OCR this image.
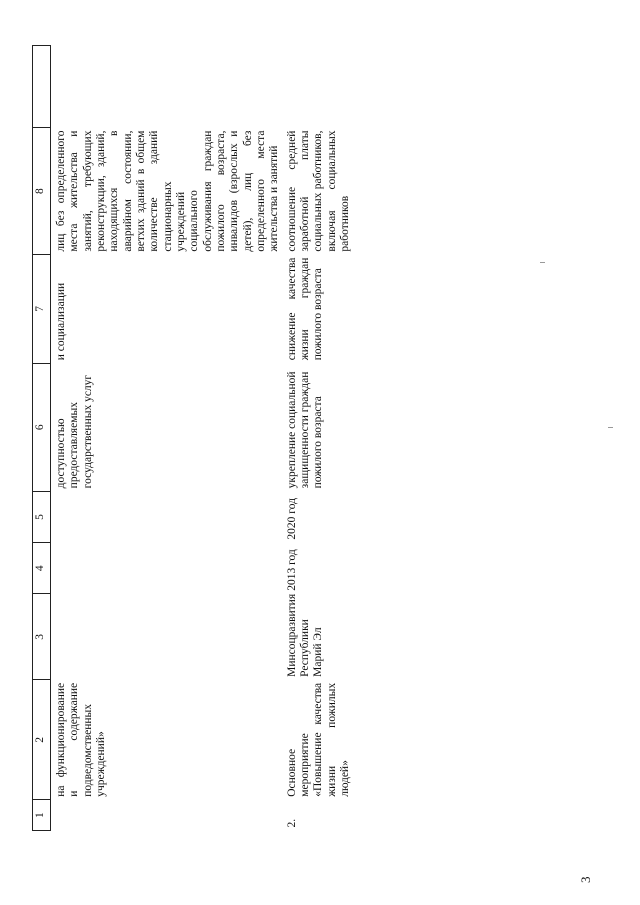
3
1	2	3	4	5	6	7	8	
	на функционирование и содержание подведомственных учреждений»				доступностью предоставляемых государственных услуг	и социализации	лиц без определенного места жительства и занятий, требующих реконструкции, зданий, находящихся в аварийном состоянии, ветхих зданий в общем количестве зданий стационарных учреждений социального обслуживания граждан пожилого возраста, инвалидов (взрослых и детей), лиц без определенного места жительства и занятий	
2.	Основное мероприятие «Повышение качества жизни пожилых людей»	Минсоцразвития Республики Марий Эл	2013 год	2020 год	укрепление социальной защищенности граждан пожилого возраста	снижение качества жизни граждан пожилого возраста	соотношение средней заработной платы социальных работников, включая социальных работников	
